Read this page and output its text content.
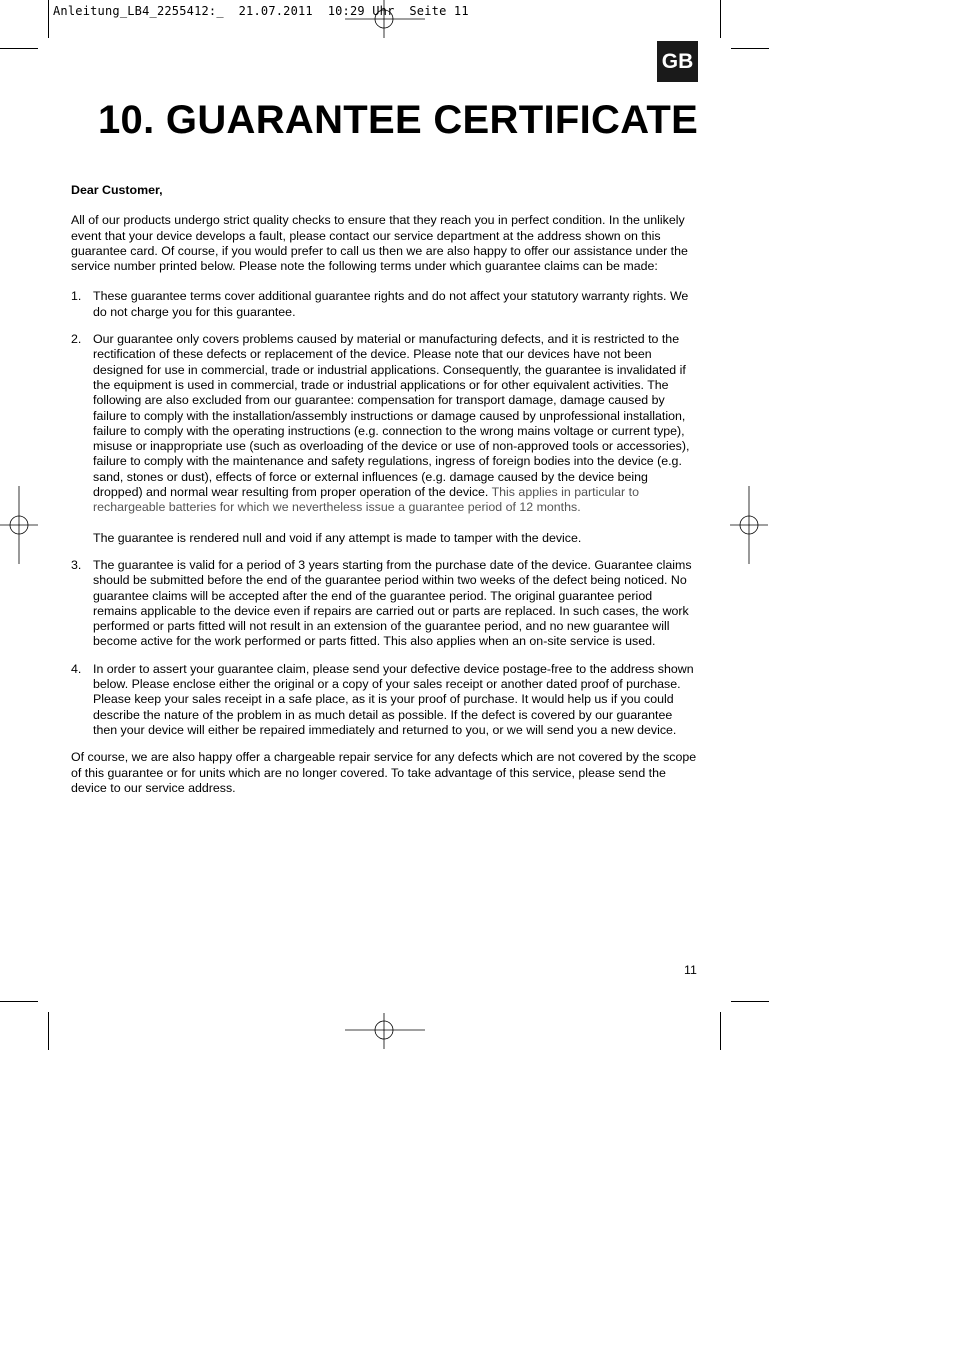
Anleitung_LB4_2255412:_  21.07.2011  10:29 Uhr  Seite 11
GB
10. GUARANTEE CERTIFICATE

Dear Customer,

All of our products undergo strict quality checks to ensure that they reach you in perfect condition. In the unlikely event that your device develops a fault, please contact our service department at the address shown on this guarantee card. Of course, if you would prefer to call us then we are also happy to offer our assistance under the service number printed below. Please note the following terms under which guarantee claims can be made:

1. These guarantee terms cover additional guarantee rights and do not affect your statutory warranty rights. We do not charge you for this guarantee.

2. Our guarantee only covers problems caused by material or manufacturing defects, and it is restricted to the rectification of these defects or replacement of the device. Please note that our devices have not been designed for use in commercial, trade or industrial applications. Consequently, the guarantee is invalidated if the equipment is used in commercial, trade or industrial applications or for other equivalent activities. The following are also excluded from our guarantee: compensation for transport damage, damage caused by failure to comply with the installation/assembly instructions or damage caused by unprofessional installation, failure to comply with the operating instructions (e.g. connection to the wrong mains voltage or current type), misuse or inappropriate use (such as overloading of the device or use of non-approved tools or accessories), failure to comply with the maintenance and safety regulations, ingress of foreign bodies into the device (e.g. sand, stones or dust), effects of force or external influences (e.g. damage caused by the device being dropped) and normal wear resulting from proper operation of the device. This applies in particular to rechargeable batteries for which we nevertheless issue a guarantee period of 12 months.

The guarantee is rendered null and void if any attempt is made to tamper with the device.

3. The guarantee is valid for a period of 3 years starting from the purchase date of the device. Guarantee claims should be submitted before the end of the guarantee period within two weeks of the defect being noticed. No guarantee claims will be accepted after the end of the guarantee period. The original guarantee period remains applicable to the device even if repairs are carried out or parts are replaced. In such cases, the work performed or parts fitted will not result in an extension of the guarantee period, and no new guarantee will become active for the work performed or parts fitted. This also applies when an on-site service is used.

4. In order to assert your guarantee claim, please send your defective device postage-free to the address shown below. Please enclose either the original or a copy of your sales receipt or another dated proof of purchase. Please keep your sales receipt in a safe place, as it is your proof of purchase. It would help us if you could describe the nature of the problem in as much detail as possible. If the defect is covered by our guarantee then your device will either be repaired immediately and returned to you, or we will send you a new device.

Of course, we are also happy offer a chargeable repair service for any defects which are not covered by the scope of this guarantee or for units which are no longer covered. To take advantage of this service, please send the device to our service address.

11
